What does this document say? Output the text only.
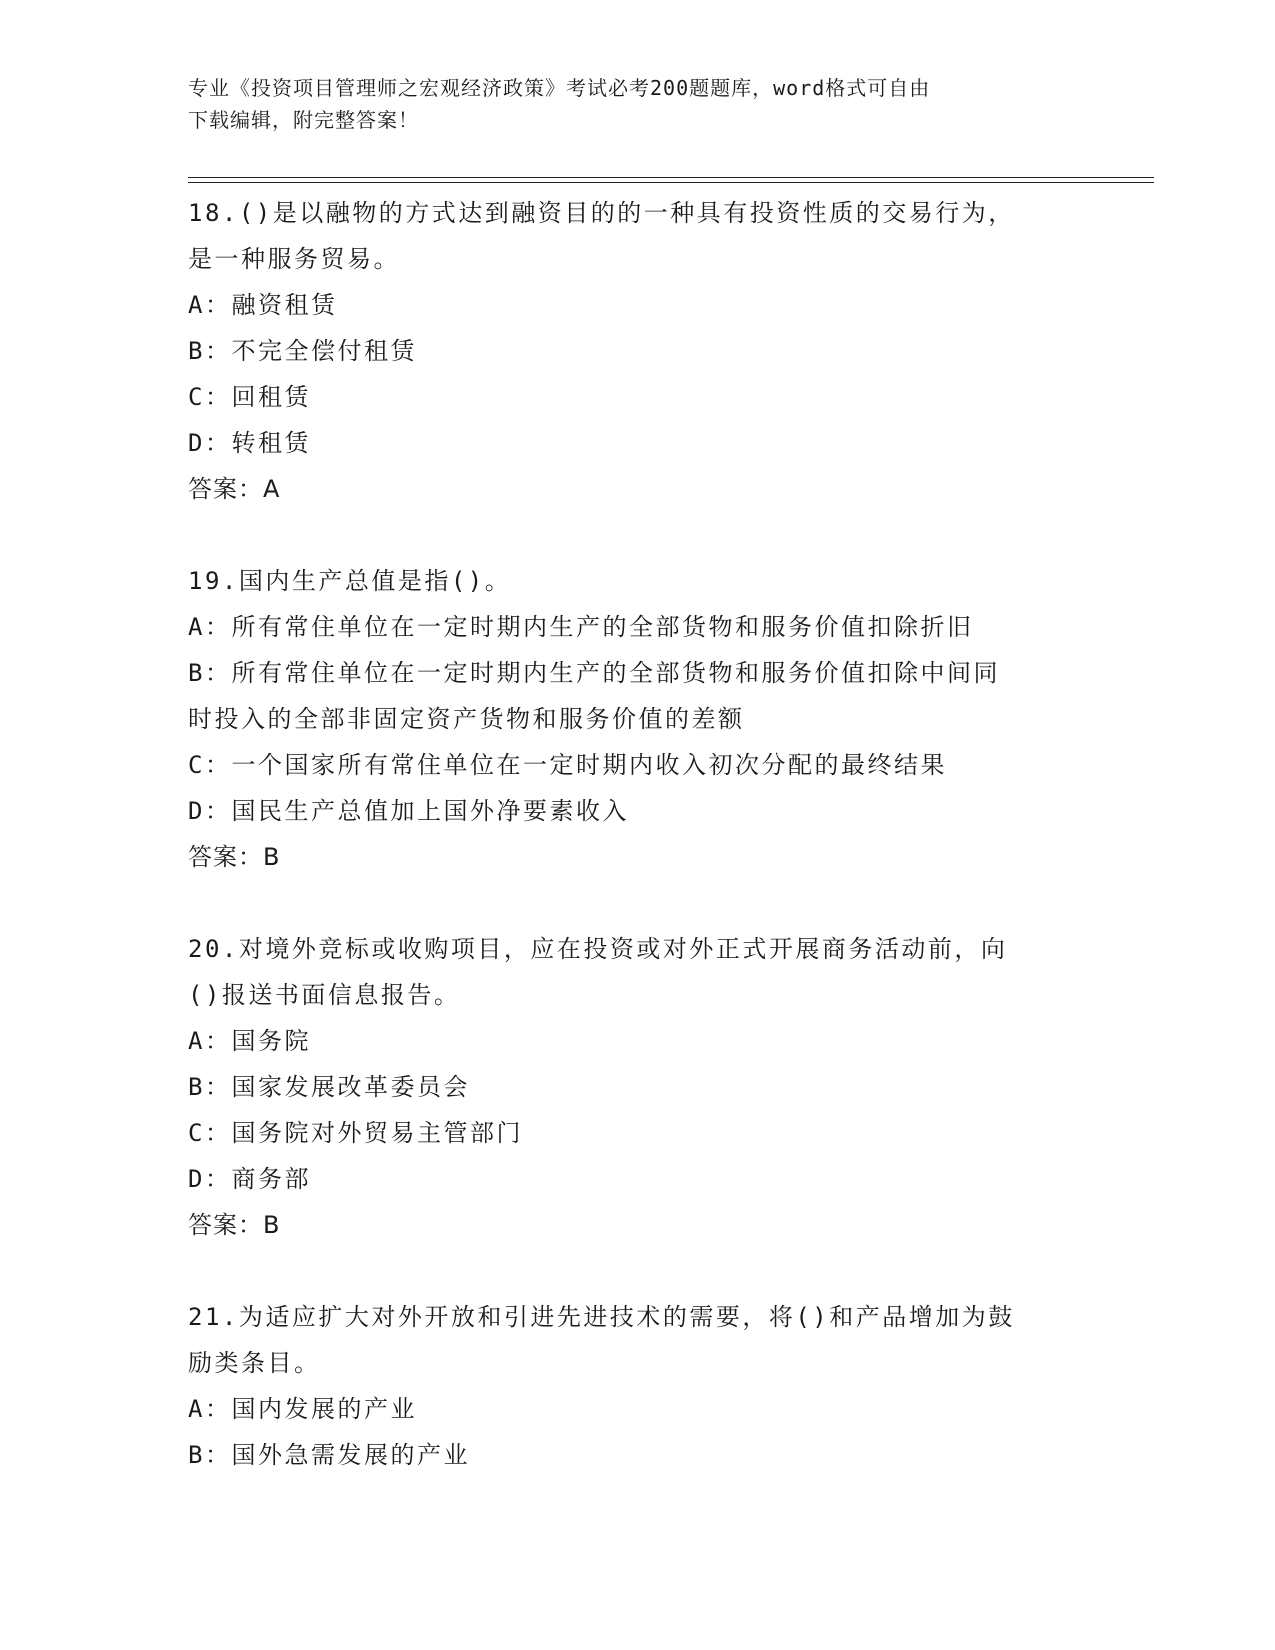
专业《投资项目管理师之宏观经济政策》考试必考200题题库，word格式可自由
下载编辑，附完整答案！
18.()是以融物的方式达到融资目的的一种具有投资性质的交易行为，
是一种服务贸易。
A：融资租赁
B：不完全偿付租赁
C：回租赁
D：转租赁
答案：A
19.国内生产总值是指()。
A：所有常住单位在一定时期内生产的全部货物和服务价值扣除折旧
B：所有常住单位在一定时期内生产的全部货物和服务价值扣除中间同
时投入的全部非固定资产货物和服务价值的差额
C：一个国家所有常住单位在一定时期内收入初次分配的最终结果
D：国民生产总值加上国外净要素收入
答案：B
20.对境外竞标或收购项目，应在投资或对外正式开展商务活动前，向
()报送书面信息报告。
A：国务院
B：国家发展改革委员会
C：国务院对外贸易主管部门
D：商务部
答案：B
21.为适应扩大对外开放和引进先进技术的需要，将()和产品增加为鼓
励类条目。
A：国内发展的产业
B：国外急需发展的产业
